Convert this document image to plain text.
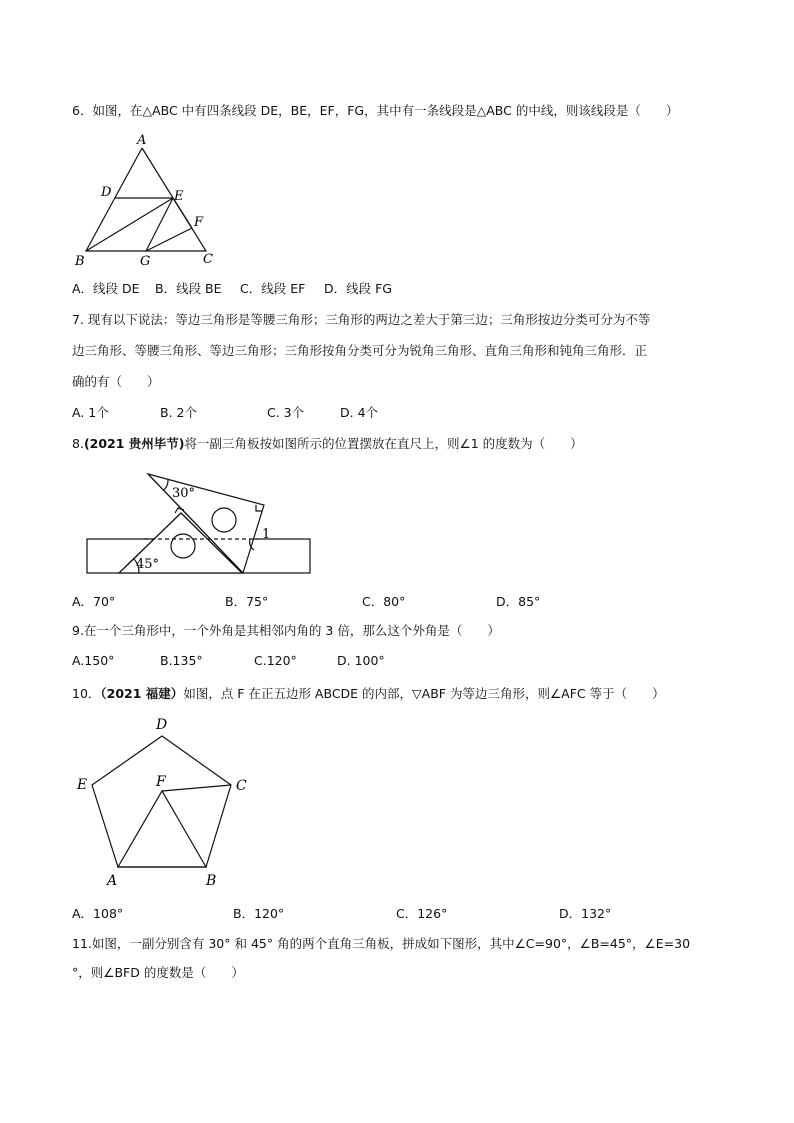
6．如图，在△ABC 中有四条线段 DE，BE，EF，FG，其中有一条线段是△ABC 的中线，则该线段是（　　）
A
D	E
F
B	G	C
A．线段 DE B．线段 BE C．线段 EF D．线段 FG
7. 现有以下说法：等边三角形是等腰三角形；三角形的两边之差大于第三边；三角形按边分类可分为不等
边三角形、等腰三角形、等边三角形；三角形按角分类可分为锐角三角形、直角三角形和钝角三角形．正
确的有（　　）
A. 1个	B. 2个	C. 3个	D. 4个
8.(2021 贵州毕节)将一副三角板按如图所示的位置摆放在直尺上，则∠1 的度数为（　　）
30°
45°
1
A．70°	B．75°	C．80°	D．85°
9.在一个三角形中，一个外角是其相邻内角的 3 倍，那么这个外角是（　　）
A.150°	B.135°	C.120°	D. 100°
10．（2021 福建）如图，点 F 在正五边形 ABCDE 的内部，▽ABF 为等边三角形，则∠AFC 等于（　　）
D
E	F	C
A	B
A．108°	B．120°	C．126°	D．132°
11.如图，一副分别含有 30° 和 45° 角的两个直角三角板，拼成如下图形，其中∠C=90°，∠B=45°，∠E=30
°，则∠BFD 的度数是（　　）
